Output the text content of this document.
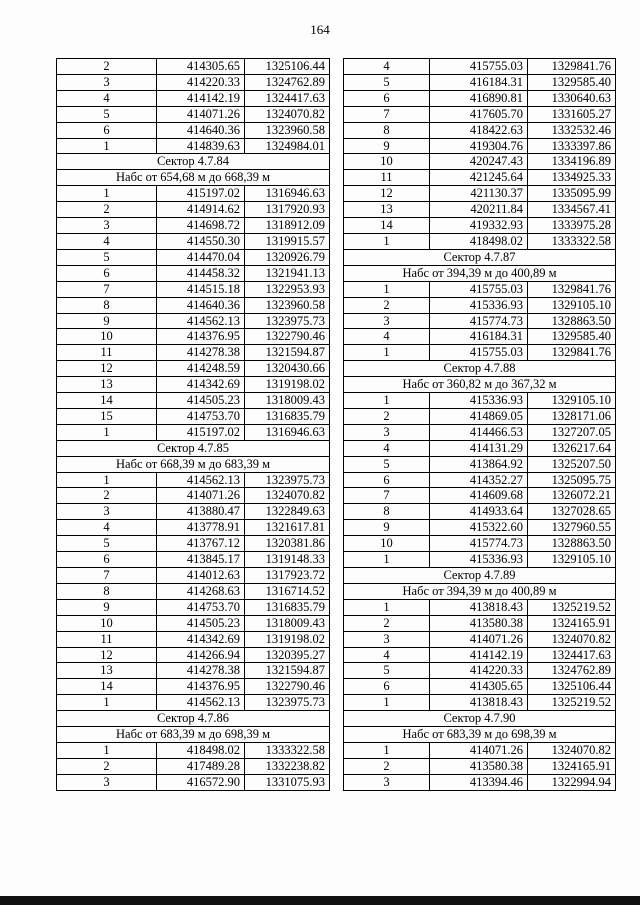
164
2	414305.65	1325106.44
3	414220.33	1324762.89
4	414142.19	1324417.63
5	414071.26	1324070.82
6	414640.36	1323960.58
1	414839.63	1324984.01
Сектор 4.7.84		
Набс от 654,68 м до 668,39 м		
1	415197.02	1316946.63
2	414914.62	1317920.93
3	414698.72	1318912.09
4	414550.30	1319915.57
5	414470.04	1320926.79
6	414458.32	1321941.13
7	414515.18	1322953.93
8	414640.36	1323960.58
9	414562.13	1323975.73
10	414376.95	1322790.46
11	414278.38	1321594.87
12	414248.59	1320430.66
13	414342.69	1319198.02
14	414505.23	1318009.43
15	414753.70	1316835.79
1	415197.02	1316946.63
Сектор 4.7.85		
Набс от 668,39 м до 683,39 м		
1	414562.13	1323975.73
2	414071.26	1324070.82
3	413880.47	1322849.63
4	413778.91	1321617.81
5	413767.12	1320381.86
6	413845.17	1319148.33
7	414012.63	1317923.72
8	414268.63	1316714.52
9	414753.70	1316835.79
10	414505.23	1318009.43
11	414342.69	1319198.02
12	414266.94	1320395.27
13	414278.38	1321594.87
14	414376.95	1322790.46
1	414562.13	1323975.73
Сектор 4.7.86		
Набс от 683,39 м до 698,39 м		
1	418498.02	1333322.58
2	417489.28	1332238.82
3	416572.90	1331075.93
4	415755.03	1329841.76
5	416184.31	1329585.40
6	416890.81	1330640.63
7	417605.70	1331605.27
8	418422.63	1332532.46
9	419304.76	1333397.86
10	420247.43	1334196.89
11	421245.64	1334925.33
12	421130.37	1335095.99
13	420211.84	1334567.41
14	419332.93	1333975.28
1	418498.02	1333322.58
Сектор 4.7.87		
Набс от 394,39 м до 400,89 м		
1	415755.03	1329841.76
2	415336.93	1329105.10
3	415774.73	1328863.50
4	416184.31	1329585.40
1	415755.03	1329841.76
Сектор 4.7.88		
Набс от 360,82 м до 367,32 м		
1	415336.93	1329105.10
2	414869.05	1328171.06
3	414466.53	1327207.05
4	414131.29	1326217.64
5	413864.92	1325207.50
6	414352.27	1325095.75
7	414609.68	1326072.21
8	414933.64	1327028.65
9	415322.60	1327960.55
10	415774.73	1328863.50
1	415336.93	1329105.10
Сектор 4.7.89		
Набс от 394,39 м до 400,89 м		
1	413818.43	1325219.52
2	413580.38	1324165.91
3	414071.26	1324070.82
4	414142.19	1324417.63
5	414220.33	1324762.89
6	414305.65	1325106.44
1	413818.43	1325219.52
Сектор 4.7.90		
Набс от 683,39 м до 698,39 м		
1	414071.26	1324070.82
2	413580.38	1324165.91
3	413394.46	1322994.94
